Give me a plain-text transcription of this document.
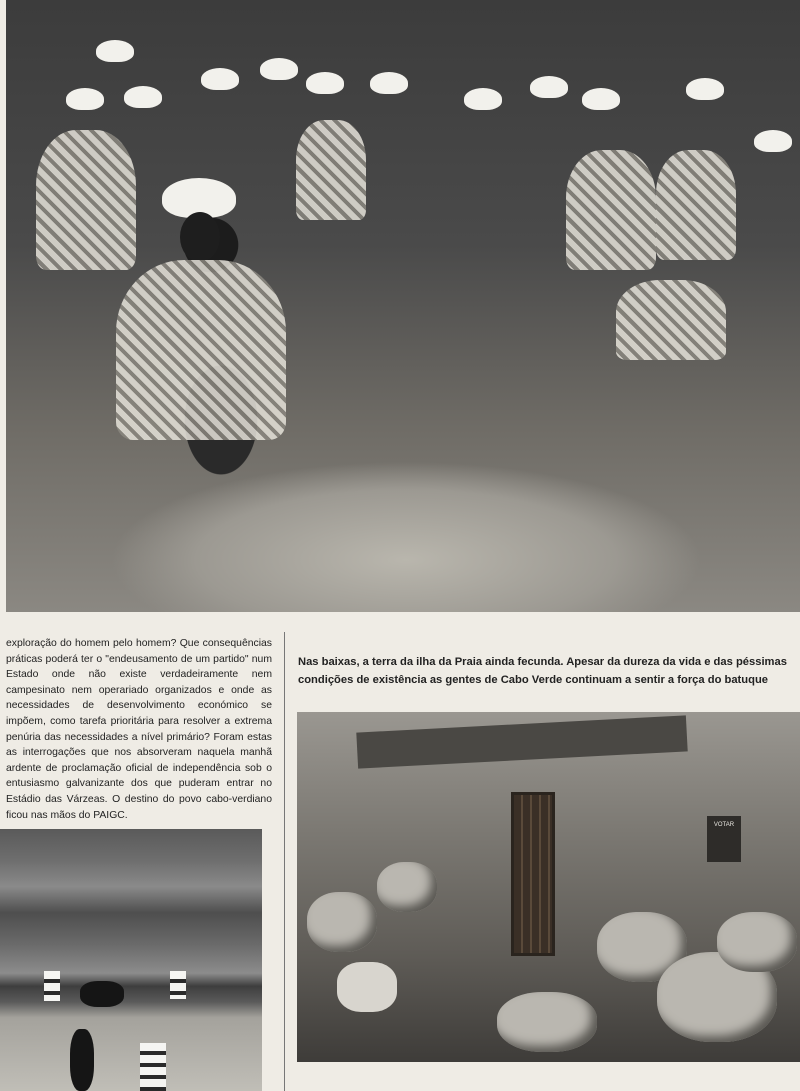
exploração do homem pelo homem? Que consequências práticas poderá ter o "endeusamento de um partido" num Estado onde não existe verdadeiramente nem campesinato nem operariado organizados e onde as necessidades de desenvolvimento económico se impõem, como tarefa prioritária para resolver a extrema penúria das necessidades a nível primário? Foram estas as interrogações que nos absorveram naquela manhã ardente de proclamação oficial de independência sob o entusiasmo galvanizante dos que puderam entrar no Estádio das Várzeas. O destino do povo cabo-verdiano ficou nas mãos do PAIGC.

Nas baixas, a terra da ilha da Praia ainda fecunda. Apesar da dureza da vida e das péssimas condições de existência as gentes de Cabo Verde continuam a sentir a força do batuque

VOTAR
